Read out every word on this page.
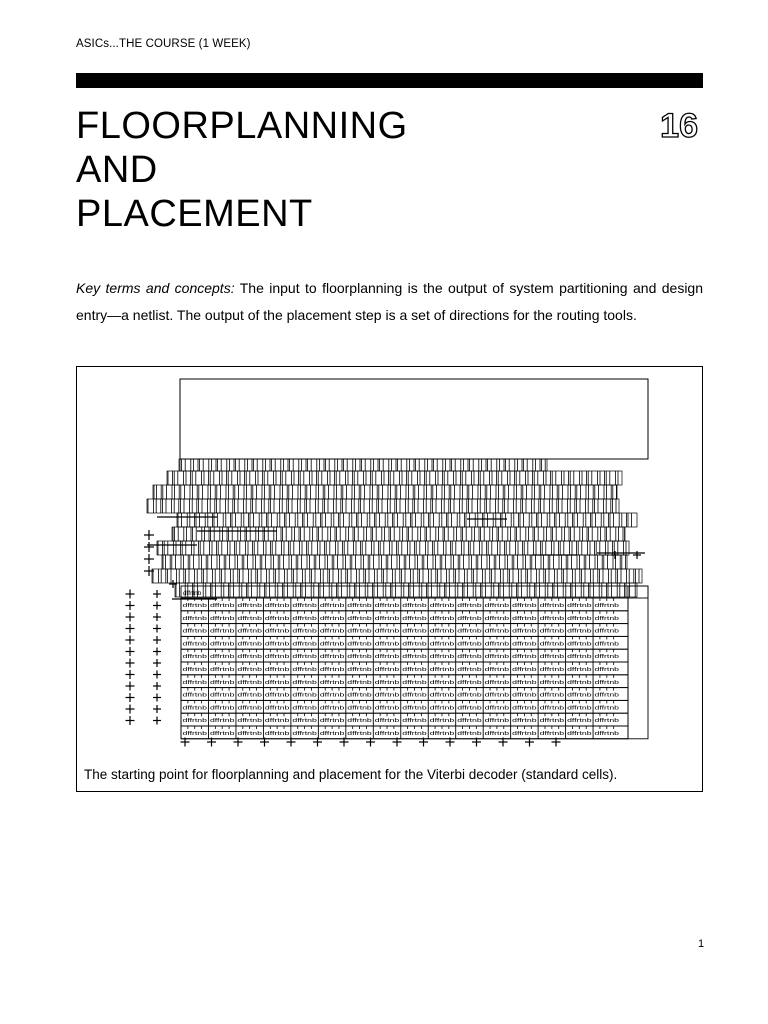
ASICs...THE COURSE (1 WEEK)
FLOORPLANNING
AND
PLACEMENT
16

Key terms and concepts: The input to floorplanning is the output of system partitioning and design entry—a netlist. The output of the placement step is a set of directions for the routing tools.

dffrtnb
dffrtnb dffrtnb dffrtnb dffrtnb dffrtnb dffrtnb dffrtnb dffrtnb dffrtnb dffrtnb dffrtnb dffrtnb dffrtnb dffrtnb dffrtnb dffrtnb
dffrtnb dffrtnb dffrtnb dffrtnb dffrtnb dffrtnb dffrtnb dffrtnb dffrtnb dffrtnb dffrtnb dffrtnb dffrtnb dffrtnb dffrtnb dffrtnb
dffrtnb dffrtnb dffrtnb dffrtnb dffrtnb dffrtnb dffrtnb dffrtnb dffrtnb dffrtnb dffrtnb dffrtnb dffrtnb dffrtnb dffrtnb dffrtnb
dffrtnb dffrtnb dffrtnb dffrtnb dffrtnb dffrtnb dffrtnb dffrtnb dffrtnb dffrtnb dffrtnb dffrtnb dffrtnb dffrtnb dffrtnb dffrtnb
dffrtnb dffrtnb dffrtnb dffrtnb dffrtnb dffrtnb dffrtnb dffrtnb dffrtnb dffrtnb dffrtnb dffrtnb dffrtnb dffrtnb dffrtnb dffrtnb
dffrtnb dffrtnb dffrtnb dffrtnb dffrtnb dffrtnb dffrtnb dffrtnb dffrtnb dffrtnb dffrtnb dffrtnb dffrtnb dffrtnb dffrtnb dffrtnb
dffrtnb dffrtnb dffrtnb dffrtnb dffrtnb dffrtnb dffrtnb dffrtnb dffrtnb dffrtnb dffrtnb dffrtnb dffrtnb dffrtnb dffrtnb dffrtnb
dffrtnb dffrtnb dffrtnb dffrtnb dffrtnb dffrtnb dffrtnb dffrtnb dffrtnb dffrtnb dffrtnb dffrtnb dffrtnb dffrtnb dffrtnb dffrtnb
dffrtnb dffrtnb dffrtnb dffrtnb dffrtnb dffrtnb dffrtnb dffrtnb dffrtnb dffrtnb dffrtnb dffrtnb dffrtnb dffrtnb dffrtnb dffrtnb
dffrtnb dffrtnb dffrtnb dffrtnb dffrtnb dffrtnb dffrtnb dffrtnb dffrtnb dffrtnb dffrtnb dffrtnb dffrtnb dffrtnb dffrtnb dffrtnb
dffrtnb dffrtnb dffrtnb dffrtnb dffrtnb dffrtnb dffrtnb dffrtnb dffrtnb dffrtnb dffrtnb dffrtnb dffrtnb dffrtnb dffrtnb dffrtnb
The starting point for floorplanning and placement for the Viterbi decoder (standard cells).
1
